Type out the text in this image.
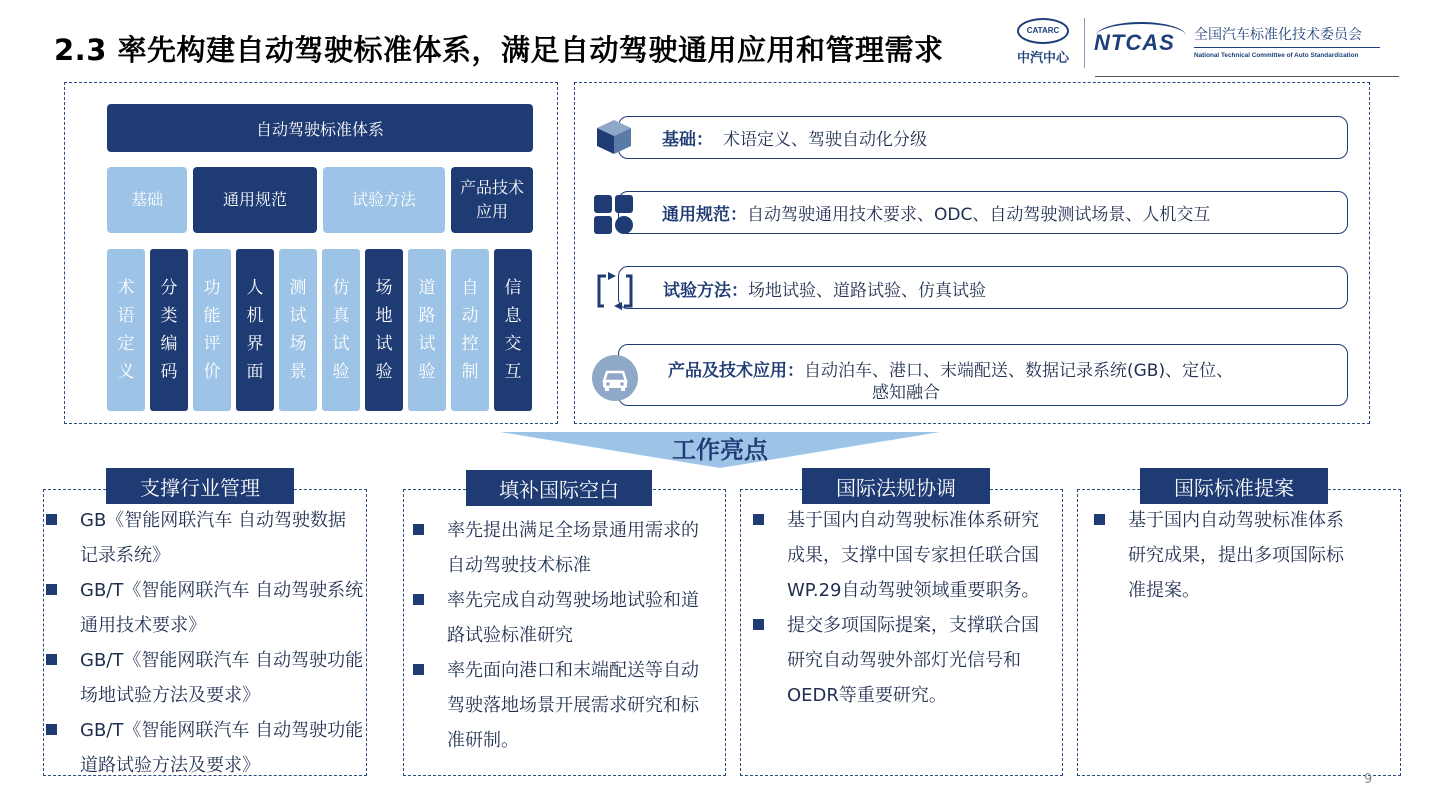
2.3 率先构建自动驾驶标准体系，满足自动驾驶通用应用和管理需求
CATARC
中汽中心
NTCAS 全国汽车标准化技术委员会
National Technical Committee of Auto Standardization
自动驾驶标准体系
基础	通用规范	试验方法
产品技术应用
术语定义
分类编码
功能评价
人机界面
测试场景
仿真试验
场地试验
道路试验
自动控制
信息交互
基础： 术语定义、驾驶自动化分级
通用规范：自动驾驶通用技术要求、ODC、自动驾驶测试场景、人机交互
试验方法：场地试验、道路试验、仿真试验
产品及技术应用：自动泊车、港口、末端配送、数据记录系统(GB)、定位、
感知融合
工作亮点
支撑行业管理
GB《智能网联汽车 自动驾驶数据记录系统》
GB/T《智能网联汽车 自动驾驶系统通用技术要求》
GB/T《智能网联汽车 自动驾驶功能场地试验方法及要求》
GB/T《智能网联汽车 自动驾驶功能道路试验方法及要求》
填补国际空白
率先提出满足全场景通用需求的自动驾驶技术标准
率先完成自动驾驶场地试验和道路试验标准研究
率先面向港口和末端配送等自动驾驶落地场景开展需求研究和标准研制。
国际法规协调
基于国内自动驾驶标准体系研究成果，支撑中国专家担任联合国WP.29自动驾驶领域重要职务。
提交多项国际提案，支撑联合国研究自动驾驶外部灯光信号和OEDR等重要研究。
国际标准提案
基于国内自动驾驶标准体系研究成果，提出多项国际标准提案。
9
